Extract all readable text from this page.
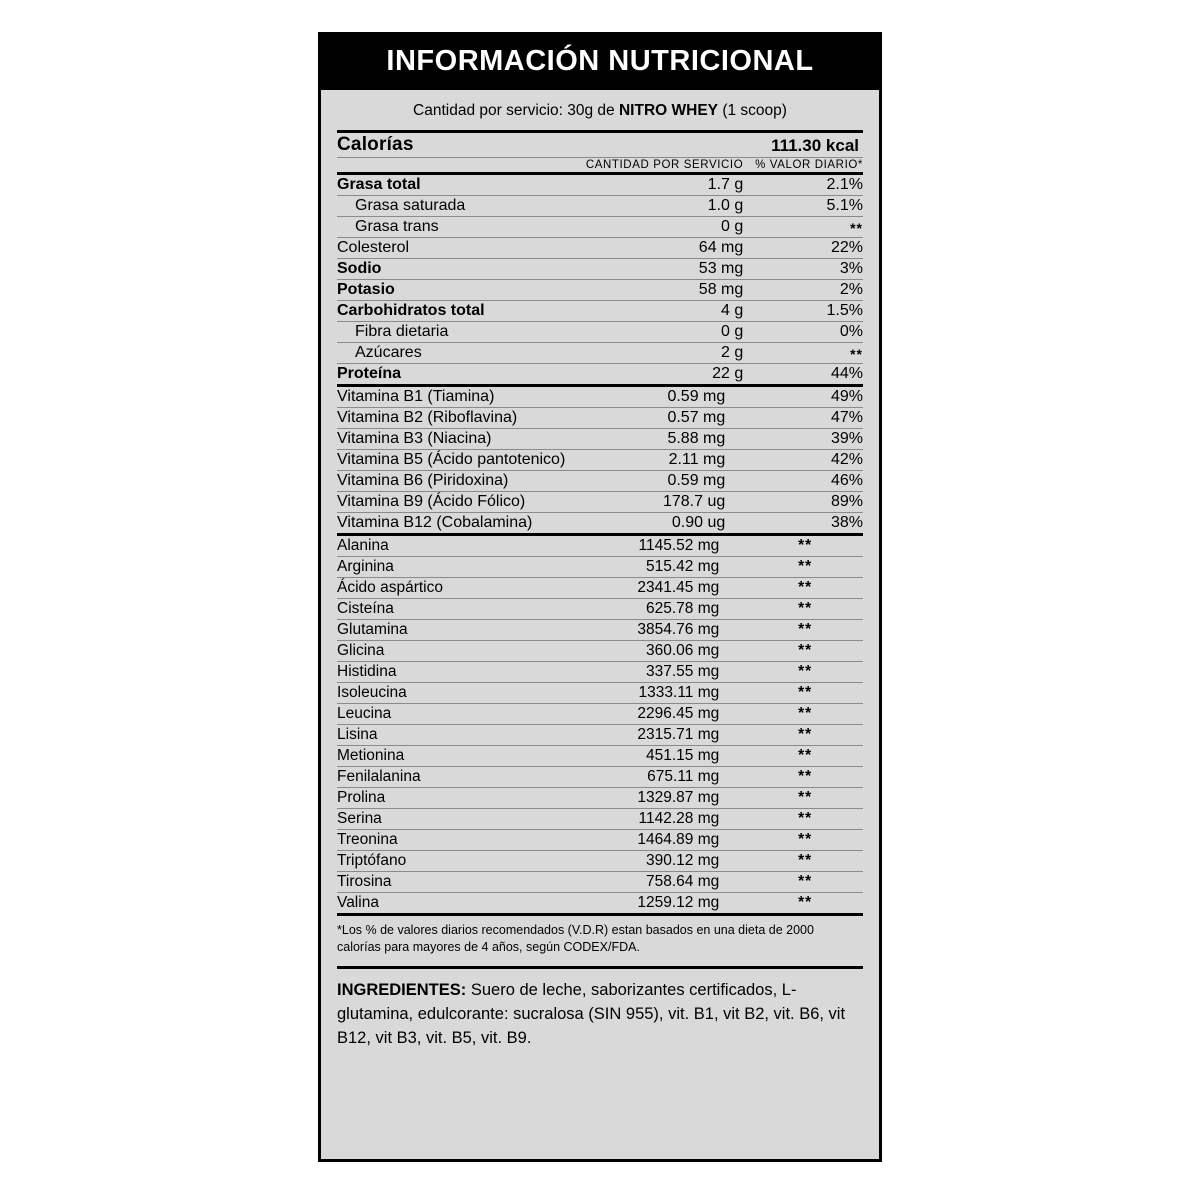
INFORMACIÓN NUTRICIONAL
Cantidad por servicio: 30g de NITRO WHEY (1 scoop)
Calorías	111.30 kcal	
	CANTIDAD POR SERVICIO	% VALOR DIARIO*
Grasa total	1.7 g	2.1%
Grasa saturada	1.0 g	5.1%
Grasa trans	0 g	**
Colesterol	64 mg	22%
Sodio	53 mg	3%
Potasio	58 mg	2%
Carbohidratos total	4 g	1.5%
Fibra dietaria	0 g	0%
Azúcares	2 g	**
Proteína	22 g	44%
Vitamina B1 (Tiamina)	0.59 mg	49%
Vitamina B2 (Riboflavina)	0.57 mg	47%
Vitamina B3 (Niacina)	5.88 mg	39%
Vitamina B5 (Ácido pantotenico)	2.11 mg	42%
Vitamina B6 (Piridoxina)	0.59 mg	46%
Vitamina B9 (Ácido Fólico)	178.7 ug	89%
Vitamina B12 (Cobalamina)	0.90 ug	38%
Alanina	1145.52 mg	**
Arginina	515.42 mg	**
Ácido aspártico	2341.45 mg	**
Cisteína	625.78 mg	**
Glutamina	3854.76 mg	**
Glicina	360.06 mg	**
Histidina	337.55 mg	**
Isoleucina	1333.11 mg	**
Leucina	2296.45 mg	**
Lisina	2315.71 mg	**
Metionina	451.15 mg	**
Fenilalanina	675.11 mg	**
Prolina	1329.87 mg	**
Serina	1142.28 mg	**
Treonina	1464.89 mg	**
Triptófano	390.12 mg	**
Tirosina	758.64 mg	**
Valina	1259.12 mg	**
*Los % de valores diarios recomendados (V.D.R) estan basados en una dieta de 2000
calorías para mayores de 4 años, según CODEX/FDA.
INGREDIENTES: Suero de leche, saborizantes certificados, L-glutamina, edulcorante: sucralosa (SIN 955), vit. B1, vit B2, vit. B6, vit B12, vit B3, vit. B5, vit. B9.
